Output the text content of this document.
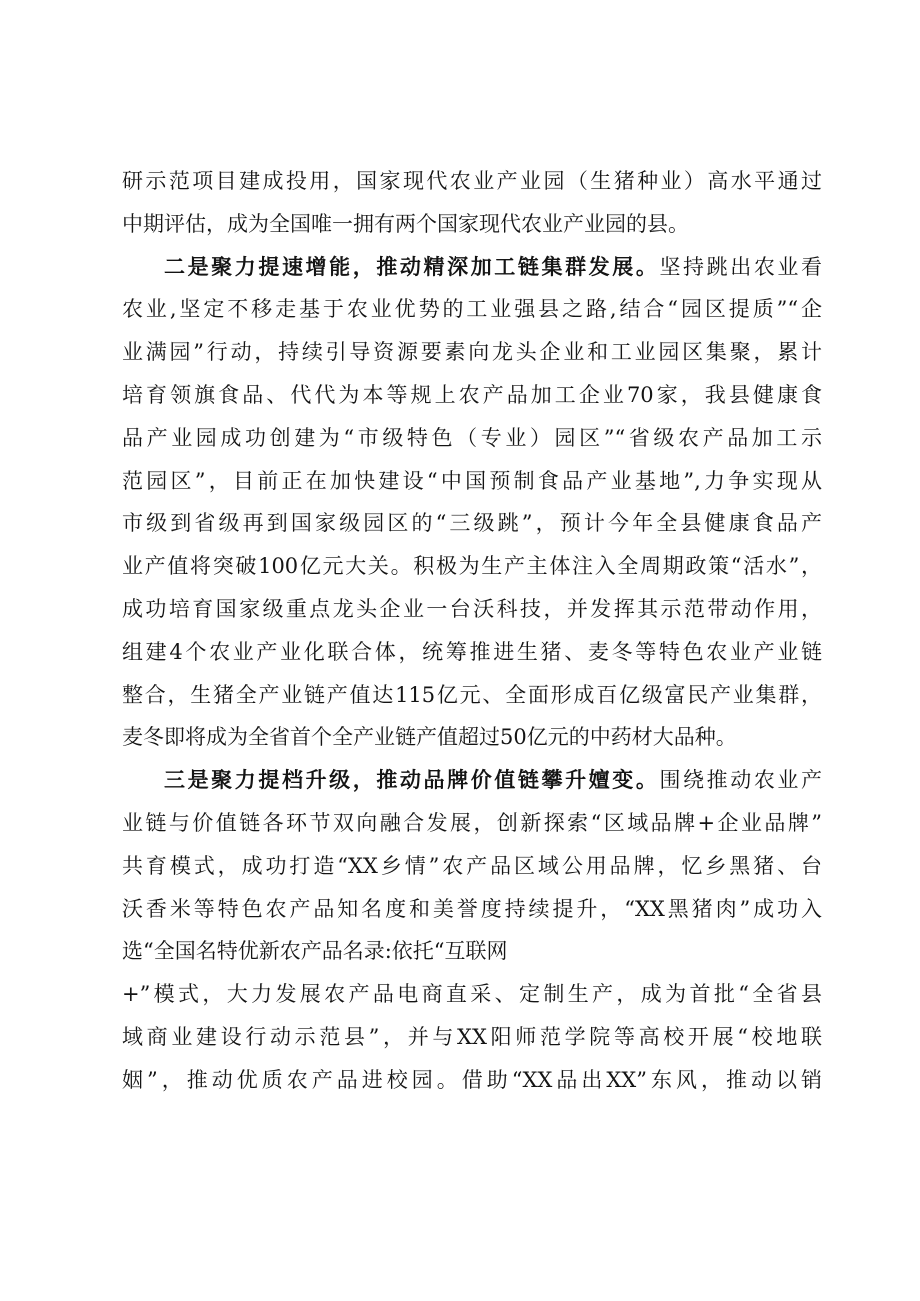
研示范项目建成投用，国家现代农业产业园（生猪种业）高水平通过
中期评估，成为全国唯一拥有两个国家现代农业产业园的县。
二是聚力提速增能，推动精深加工链集群发展。坚持跳出农业看
农业,坚定不移走基于农业优势的工业强县之路,结合“园区提质”“企
业满园”行动，持续引导资源要素向龙头企业和工业园区集聚，累计
培育领旗食品、代代为本等规上农产品加工企业70家，我县健康食
品产业园成功创建为“市级特色（专业）园区”“省级农产品加工示
范园区”，目前正在加快建设“中国预制食品产业基地”,力争实现从
市级到省级再到国家级园区的“三级跳”，预计今年全县健康食品产
业产值将突破100亿元大关。积极为生产主体注入全周期政策“活水”，
成功培育国家级重点龙头企业一台沃科技，并发挥其示范带动作用，
组建4个农业产业化联合体，统筹推进生猪、麦冬等特色农业产业链
整合，生猪全产业链产值达115亿元、全面形成百亿级富民产业集群，
麦冬即将成为全省首个全产业链产值超过50亿元的中药材大品种。
三是聚力提档升级，推动品牌价值链攀升嬗变。围绕推动农业产
业链与价值链各环节双向融合发展，创新探索“区域品牌+企业品牌”
共育模式，成功打造“XX乡情”农产品区域公用品牌，忆乡黑猪、台
沃香米等特色农产品知名度和美誉度持续提升，“XX黑猪肉”成功入
选“全国名特优新农产品名录:依托“互联网
+”模式，大力发展农产品电商直采、定制生产，成为首批“全省县
域商业建设行动示范县”，并与XX阳师范学院等高校开展“校地联
姻”，推动优质农产品进校园。借助“XX品出XX”东风，推动以销
